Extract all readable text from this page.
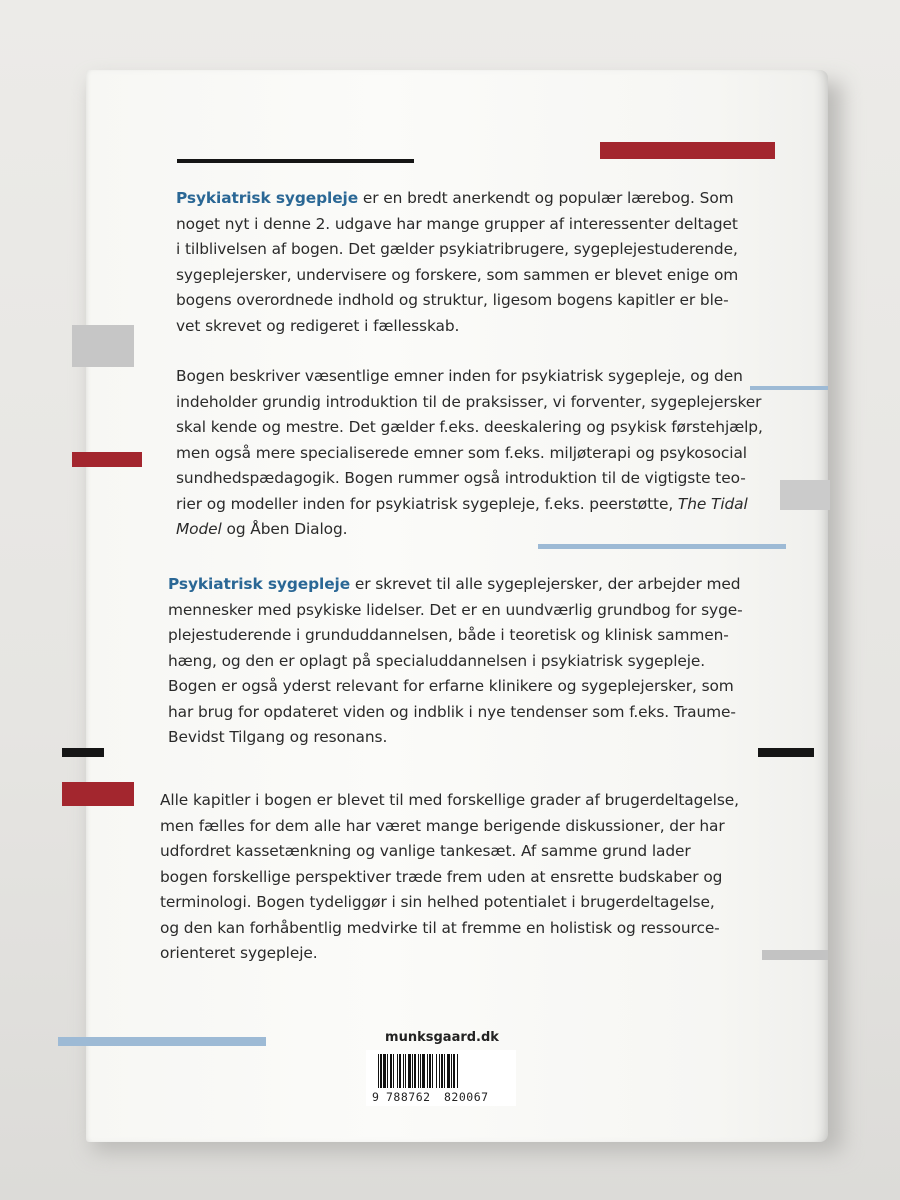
Psykiatrisk sygepleje er en bredt anerkendt og populær lærebog. Som
noget nyt i denne 2. udgave har mange grupper af interessenter deltaget
i tilblivelsen af bogen. Det gælder psykiatribrugere, sygeplejestuderende,
sygeplejersker, undervisere og forskere, som sammen er blevet enige om
bogens overordnede indhold og struktur, ligesom bogens kapitler er ble-
vet skrevet og redigeret i fællesskab.

Bogen beskriver væsentlige emner inden for psykiatrisk sygepleje, og den
indeholder grundig introduktion til de praksisser, vi forventer, sygeplejersker
skal kende og mestre. Det gælder f.eks. deeskalering og psykisk førstehjælp,
men også mere specialiserede emner som f.eks. miljøterapi og psykosocial
sundhedspædagogik. Bogen rummer også introduktion til de vigtigste teo-
rier og modeller inden for psykiatrisk sygepleje, f.eks. peerstøtte, The Tidal
Model og Åben Dialog.

Psykiatrisk sygepleje er skrevet til alle sygeplejersker, der arbejder med
mennesker med psykiske lidelser. Det er en uundværlig grundbog for syge-
plejestuderende i grunduddannelsen, både i teoretisk og klinisk sammen-
hæng, og den er oplagt på specialuddannelsen i psykiatrisk sygepleje.
Bogen er også yderst relevant for erfarne klinikere og sygeplejersker, som
har brug for opdateret viden og indblik i nye tendenser som f.eks. Traume-
Bevidst Tilgang og resonans.

Alle kapitler i bogen er blevet til med forskellige grader af brugerdeltagelse,
men fælles for dem alle har været mange berigende diskussioner, der har
udfordret kassetænkning og vanlige tankesæt. Af samme grund lader
bogen forskellige perspektiver træde frem uden at ensrette budskaber og
terminologi. Bogen tydeliggør i sin helhed potentialet i brugerdeltagelse,
og den kan forhåbentlig medvirke til at fremme en holistisk og ressource-
orienteret sygepleje.

munksgaard.dk
9 788762 820067
